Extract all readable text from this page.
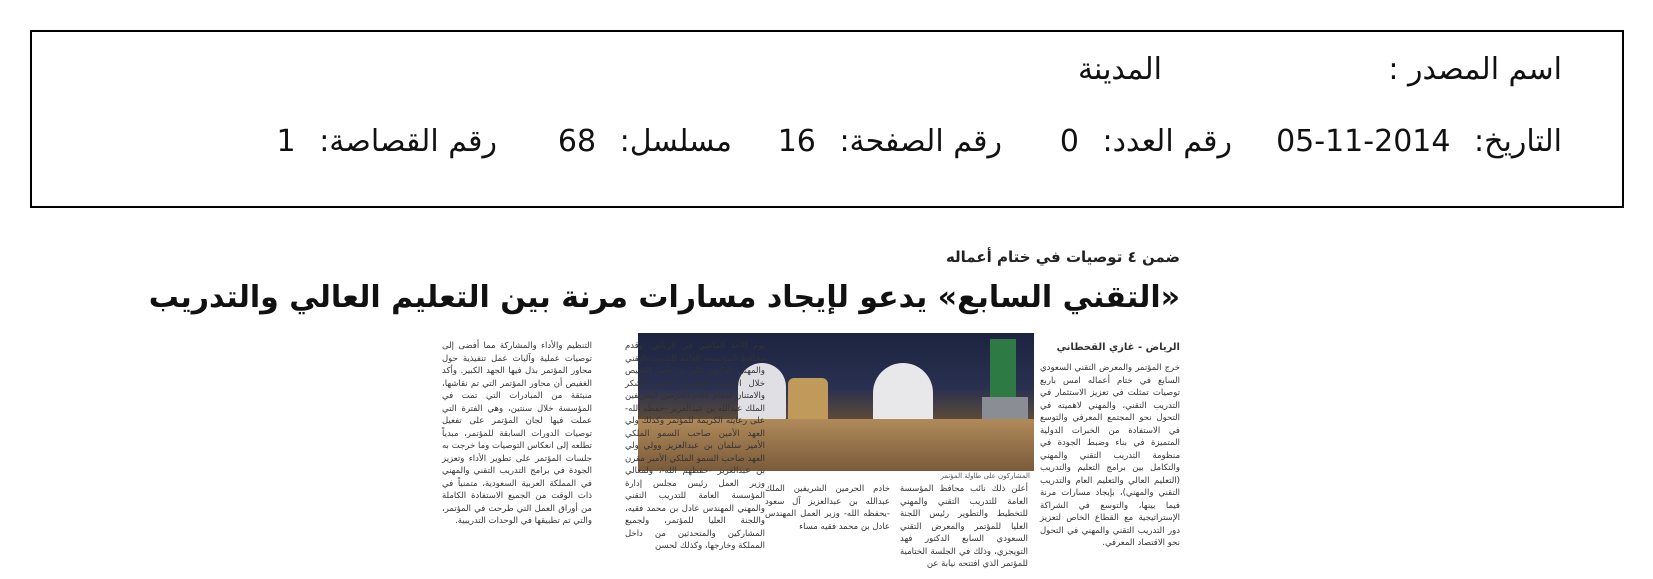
اسم المصدر :
المدينة
التاريخ: 2014-11-05
رقم العدد: 0
رقم الصفحة: 16
مسلسل: 68
رقم القصاصة: 1
ضمن ٤ توصيات في ختام أعماله
«التقني السابع» يدعو لإيجاد مسارات مرنة بين التعليم العالي والتدريب
الرياض - غازي القحطاني
خرج المؤتمر والمعرض التقني السعودي السابع في ختام أعماله امس باربع توصيات تمثلت في تعزيز الاستثمار في التدريب التقني، والمهني لاهميته في التحول نحو المجتمع المعرفي والتوسع في الاستفادة من الخبرات الدولية المتميزة في بناء وضبط الجودة في منظومة التدريب التقني والمهني والتكامل بين برامج التعليم والتدريب (التعليم العالي والتعليم العام والتدريب التقني والمهني)، بإيجاد مسارات مرنة فيما بينها، والتوسع في الشراكة الإستراتيجية مع القطاع الخاص لتعزيز دور التدريب التقني والمهني في التحول نحو الاقتصاد المعرفي.
المشاركون على طاولة المؤتمر
يوم الأحد الماضي في الرياض. وقدم محافظ المؤسسة العامة للتدريب التقني والمهني الدكتور علي بن ناصر الغفيص خلال الجلسة الختامية خالص الشكر والامتنان لمقام خادم الحرمين الشريفين الملك عبدالله بن عبدالعزيز -حفظه الله- على رعايته الكريمة للمؤتمر وكذلك ولي العهد الأمين صاحب السمو الملكي الأمير سلمان بن عبدالعزيز وولي ولي العهد صاحب السمو الملكي الأمير مقرن بن عبدالعزيز -حفظهم الله-، ولمعالي وزير العمل رئيس مجلس إدارة المؤسسة العامة للتدريب التقني والمهني المهندس عادل بن محمد فقيه، واللجنة العليا للمؤتمر، ولجميع المشاركين والمتحدثين من داخل المملكة وخارجها، وكذلك لحسن
التنظيم والأداء والمشاركة مما أفضى إلى توصيات عملية وآليات عمل تنفيذية حول محاور المؤتمر بذل فيها الجهد الكبير. وأكد الغفيص أن محاور المؤتمر التي تم نقاشها، منبثقة من المبادرات التي تمت في المؤسسة خلال سنتين، وهي الفترة التي عملت فيها لجان المؤتمر على تفعيل توصيات الدورات السابقة للمؤتمر، مبدياً تطلعه إلى انعكاس التوصيات وما خرجت به جلسات المؤتمر على تطوير الأداء وتعزيز الجودة في برامج التدريب التقني والمهني في المملكة العربية السعودية، متمنياً في ذات الوقت من الجميع الاستفادة الكاملة من أوراق العمل التي طرحت في المؤتمر، والتي تم تطبيقها في الوحدات التدريبية.
أعلن ذلك نائب محافظ المؤسسة العامة للتدريب التقني والمهني للتخطيط والتطوير رئيس اللجنة العليا للمؤتمر والمعرض التقني السعودي السابع الدكتور فهد التويجري، وذلك في الجلسة الختامية للمؤتمر الذي افتتحه نيابة عن
خادم الحرمين الشريفين الملك عبدالله بن عبدالعزيز آل سعود -يحفظه الله- وزير العمل المهندس عادل بن محمد فقيه مساء
